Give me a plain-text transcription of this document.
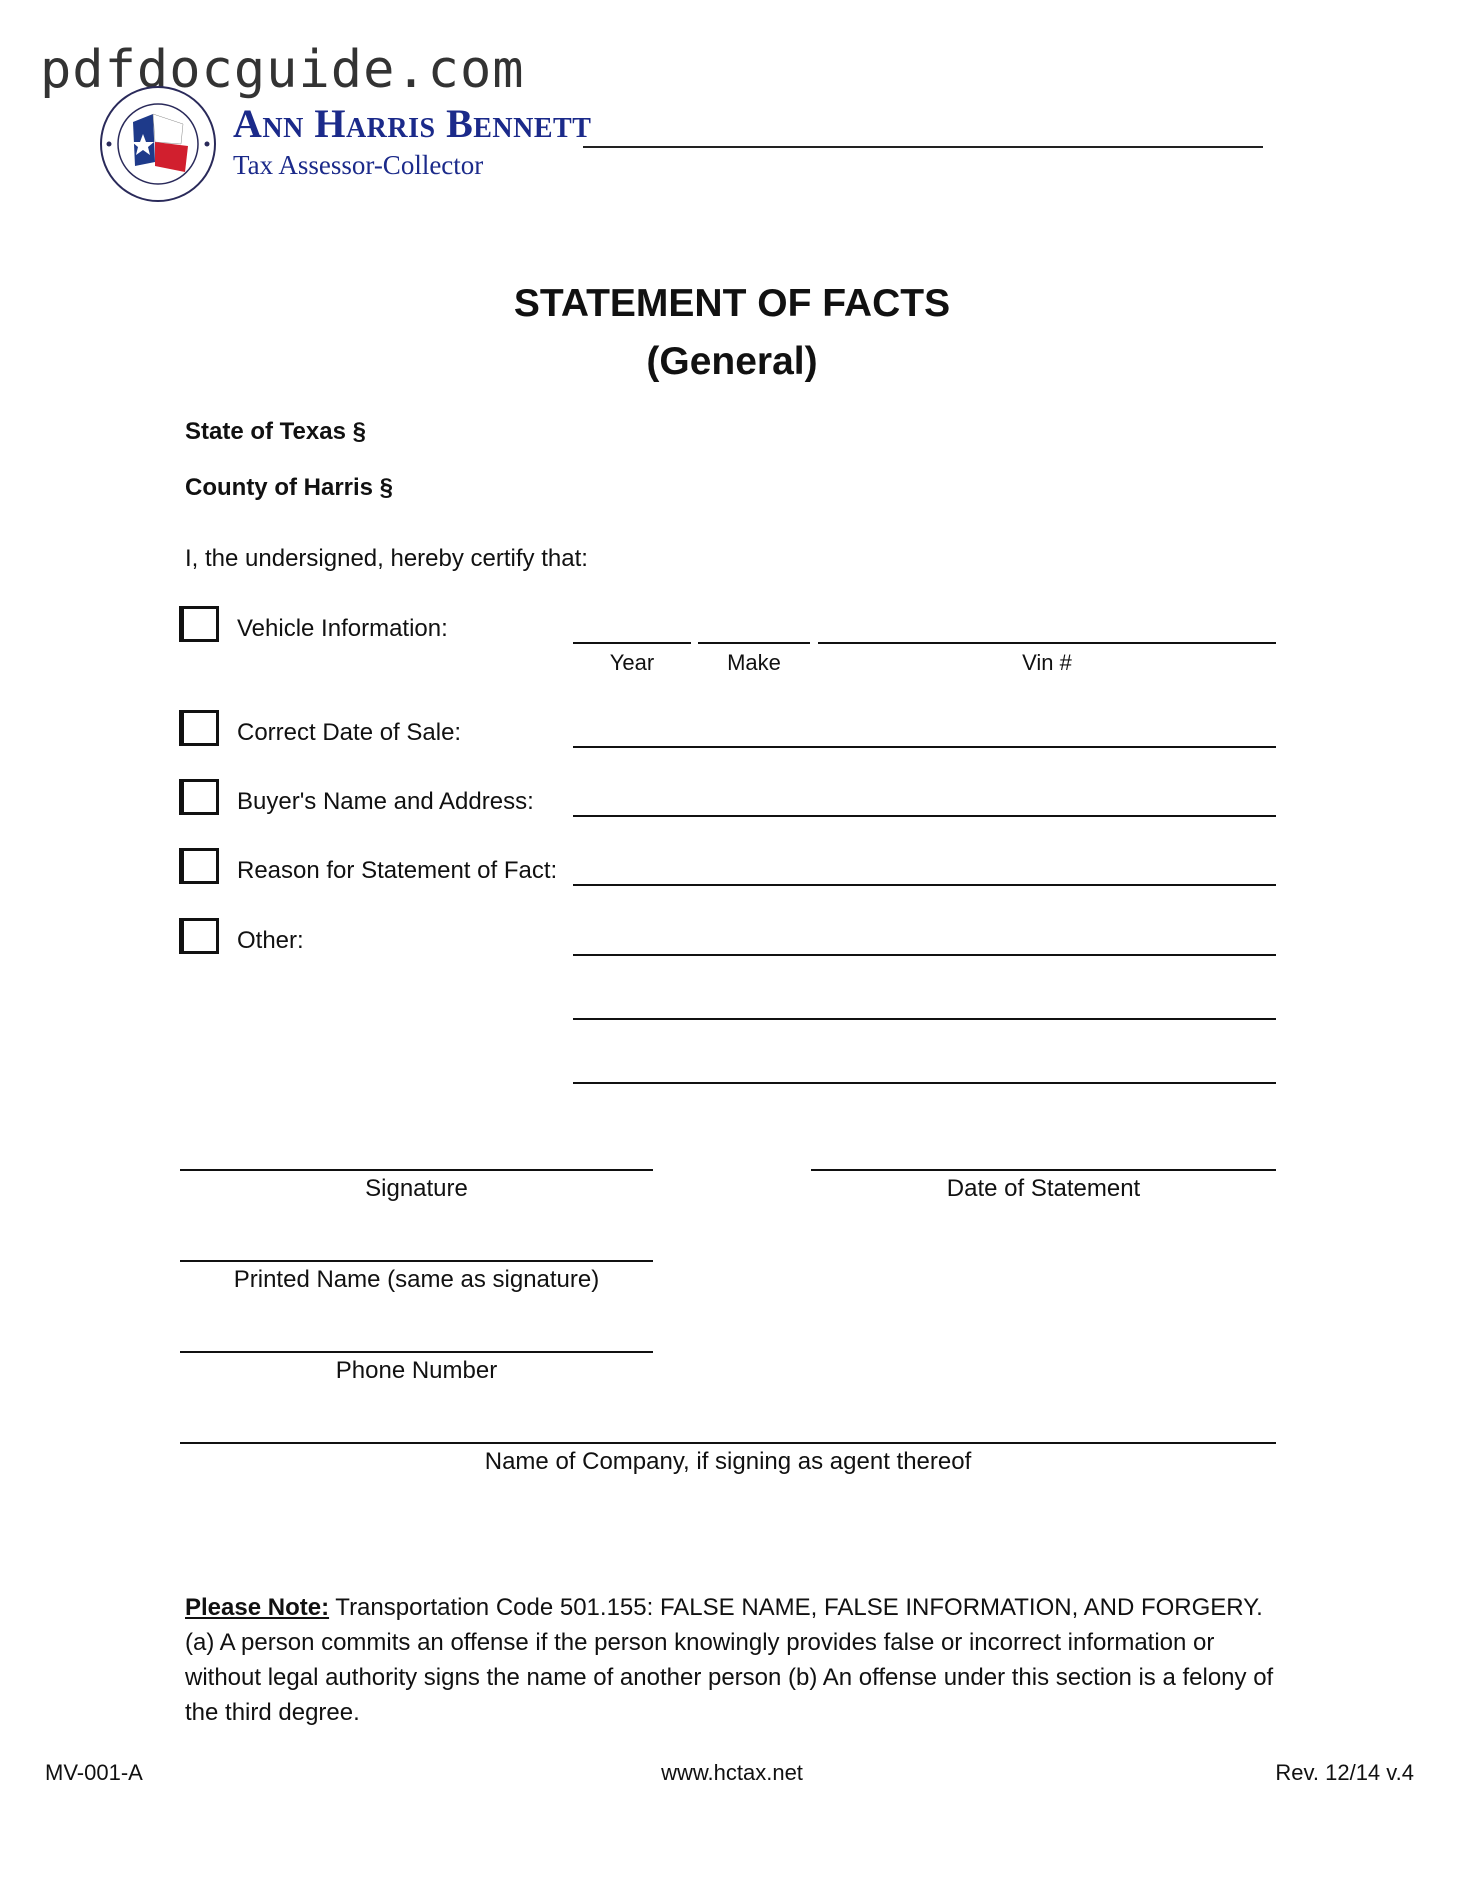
pdfdocguide.com
Ann Harris Bennett
Tax Assessor-Collector
STATEMENT OF FACTS
(General)
State of Texas §
County of Harris §
I, the undersigned, hereby certify that:
Vehicle Information:
Year	Make	Vin #
Correct Date of Sale:
Buyer's Name and Address:
Reason for Statement of Fact:
Other:
Signature	Date of Statement
Printed Name (same as signature)
Phone Number
Name of Company, if signing as agent thereof
Please Note: Transportation Code 501.155: FALSE NAME, FALSE INFORMATION, AND FORGERY. (a) A person commits an offense if the person knowingly provides false or incorrect information or without legal authority signs the name of another person (b) An offense under this section is a felony of the third degree.
MV-001-A	www.hctax.net	Rev. 12/14 v.4
